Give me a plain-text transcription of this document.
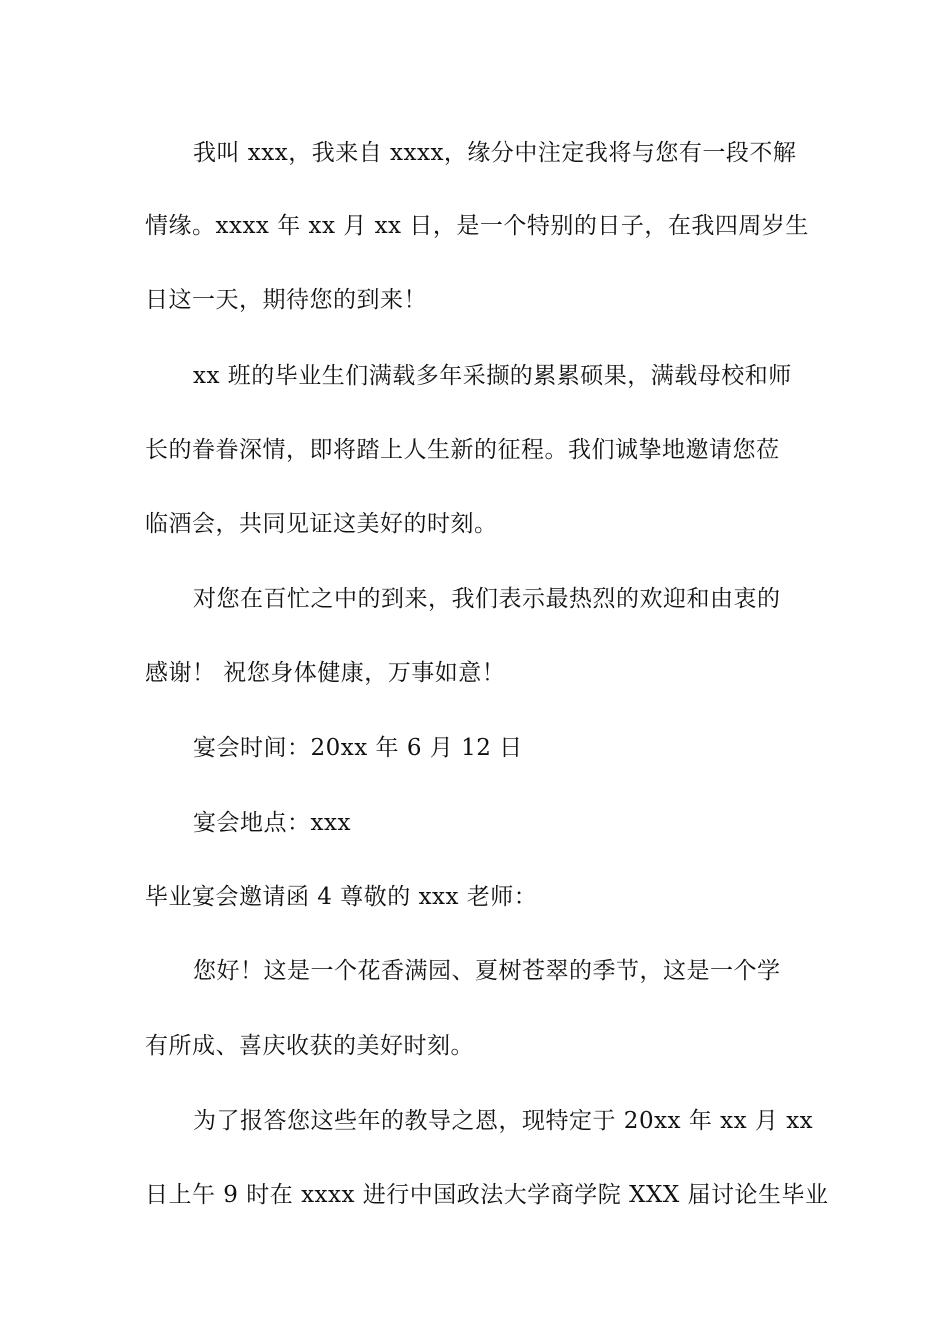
我叫 xxx，我来自 xxxx，缘分中注定我将与您有一段不解
情缘。xxxx 年 xx 月 xx 日，是一个特别的日子，在我四周岁生
日这一天，期待您的到来！
xx 班的毕业生们满载多年采撷的累累硕果，满载母校和师
长的眷眷深情，即将踏上人生新的征程。我们诚挚地邀请您莅
临酒会，共同见证这美好的时刻。
对您在百忙之中的到来，我们表示最热烈的欢迎和由衷的
感谢！ 祝您身体健康，万事如意！
宴会时间：20xx 年 6 月 12 日
宴会地点：xxx
毕业宴会邀请函 4 尊敬的 xxx 老师：
您好！这是一个花香满园、夏树苍翠的季节，这是一个学
有所成、喜庆收获的美好时刻。
为了报答您这些年的教导之恩，现特定于 20xx 年 xx 月 xx
日上午 9 时在 xxxx 进行中国政法大学商学院 XXX 届讨论生毕业
